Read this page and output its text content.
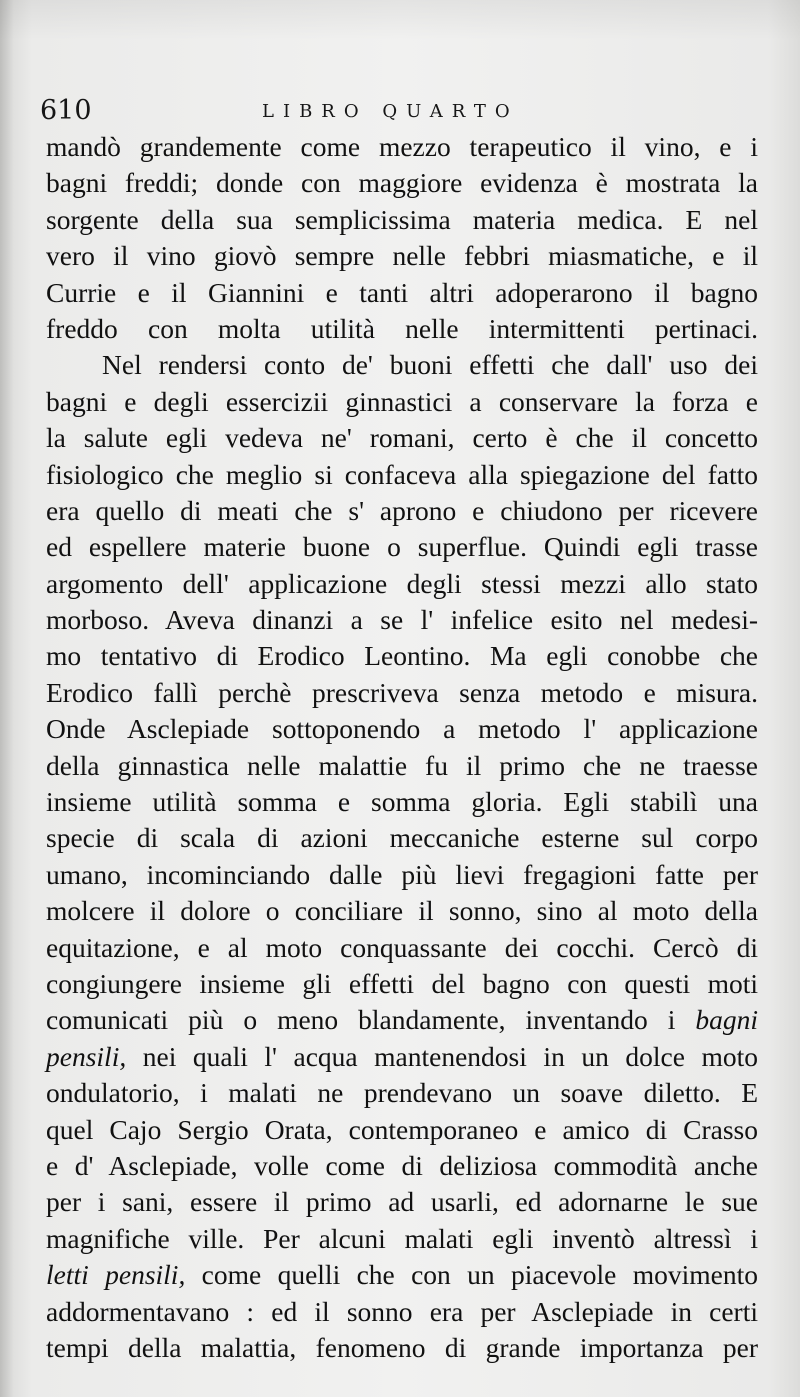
610	LIBRO QUARTO
mandò grandemente come mezzo terapeutico il vino, e i
bagni freddi; donde con maggiore evidenza è mostrata la
sorgente della sua semplicissima materia medica. E nel
vero il vino giovò sempre nelle febbri miasmatiche, e il
Currie e il Giannini e tanti altri adoperarono il bagno
freddo con molta utilità nelle intermittenti pertinaci.
Nel rendersi conto de' buoni effetti che dall' uso dei
bagni e degli essercizii ginnastici a conservare la forza e
la salute egli vedeva ne' romani, certo è che il concetto
fisiologico che meglio si confaceva alla spiegazione del fatto
era quello di meati che s' aprono e chiudono per ricevere
ed espellere materie buone o superflue. Quindi egli trasse
argomento dell' applicazione degli stessi mezzi allo stato
morboso. Aveva dinanzi a se l' infelice esito nel medesi-
mo tentativo di Erodico Leontino. Ma egli conobbe che
Erodico fallì perchè prescriveva senza metodo e misura.
Onde Asclepiade sottoponendo a metodo l' applicazione
della ginnastica nelle malattie fu il primo che ne traesse
insieme utilità somma e somma gloria. Egli stabilì una
specie di scala di azioni meccaniche esterne sul corpo
umano, incominciando dalle più lievi fregagioni fatte per
molcere il dolore o conciliare il sonno, sino al moto della
equitazione, e al moto conquassante dei cocchi. Cercò di
congiungere insieme gli effetti del bagno con questi moti
comunicati più o meno blandamente, inventando i bagni
pensili, nei quali l' acqua mantenendosi in un dolce moto
ondulatorio, i malati ne prendevano un soave diletto. E
quel Cajo Sergio Orata, contemporaneo e amico di Crasso
e d' Asclepiade, volle come di deliziosa commodità anche
per i sani, essere il primo ad usarli, ed adornarne le sue
magnifiche ville. Per alcuni malati egli inventò altressì i
letti pensili, come quelli che con un piacevole movimento
addormentavano : ed il sonno era per Asclepiade in certi
tempi della malattia, fenomeno di grande importanza per
